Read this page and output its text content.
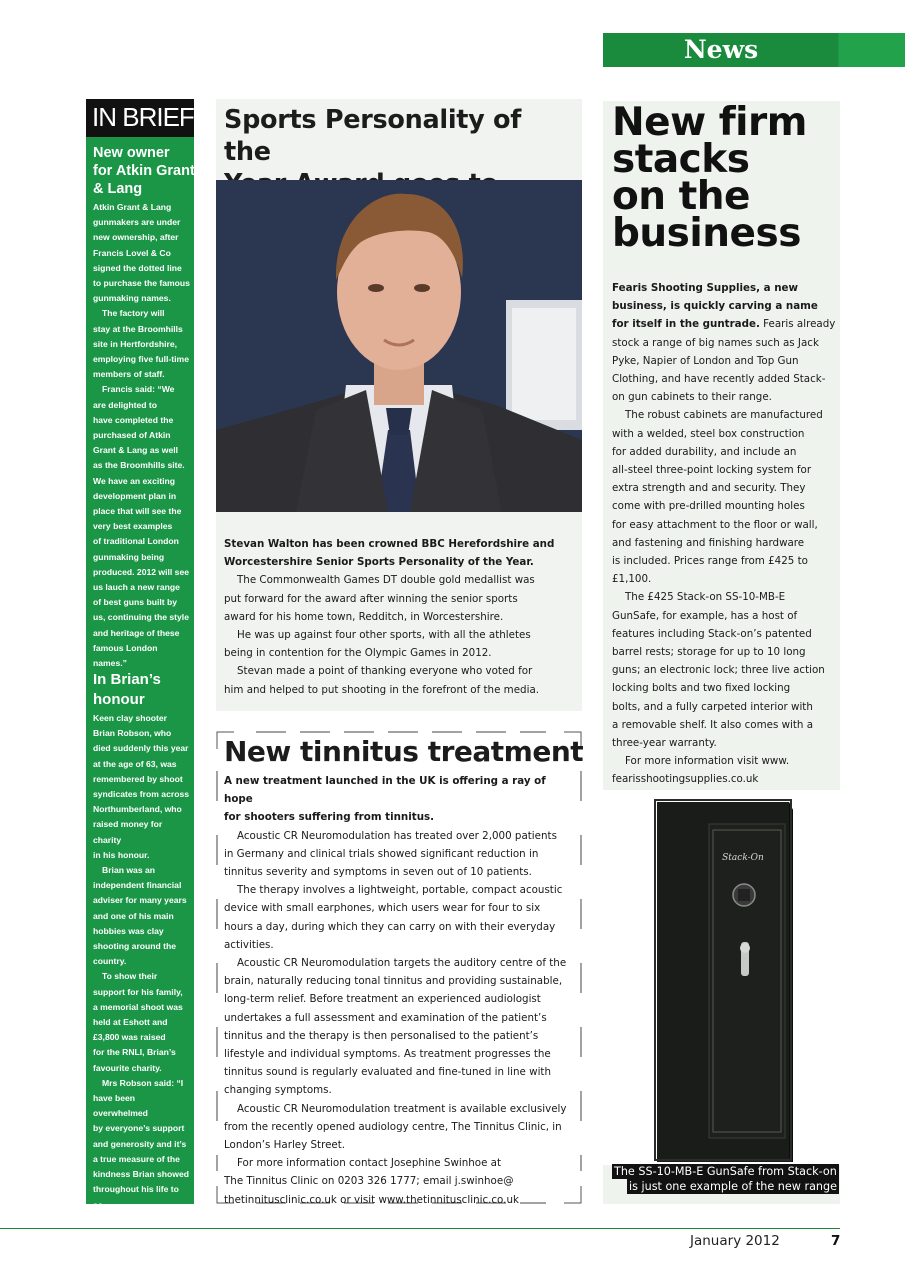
News
IN BRIEF
New owner
for Atkin Grant
& Lang

Atkin Grant & Lang
gunmakers are under
new ownership, after
Francis Lovel & Co
signed the dotted line
to purchase the famous
gunmaking names.

The factory will
stay at the Broomhills
site in Hertfordshire,
employing five full-time
members of staff.

Francis said: “We
are delighted to
have completed the
purchased of Atkin
Grant & Lang as well
as the Broomhills site.
We have an exciting
development plan in
place that will see the
very best examples
of traditional London
gunmaking being
produced. 2012 will see
us lauch a new range
of best guns built by
us, continuing the style
and heritage of these
famous London names.”

In Brian’s
honour

Keen clay shooter
Brian Robson, who
died suddenly this year
at the age of 63, was
remembered by shoot
syndicates from across
Northumberland, who
raised money for charity
in his honour.

Brian was an
independent financial
adviser for many years
and one of his main
hobbies was clay
shooting around the
country.

To show their
support for his family,
a memorial shoot was
held at Eshott and
£3,800 was raised
for the RNLI, Brian’s
favourite charity.

Mrs Robson said: “I
have been overwhelmed
by everyone’s support
and generosity and it’s
a true measure of the
kindness Brian showed
throughout his life to so
many others.”

Sports Personality of the

Stevan Walton has been crowned BBC Herefordshire and
Worcestershire Senior Sports Personality of the Year.

The Commonwealth Games DT double gold medallist was
put forward for the award after winning the senior sports
award for his home town, Redditch, in Worcestershire.

He was up against four other sports, with all the athletes
being in contention for the Olympic Games in 2012.

Stevan made a point of thanking everyone who voted for
him and helped to put shooting in the forefront of the media.

New tinnitus treatment

A new treatment launched in the UK is offering a ray of hope
for shooters suffering from tinnitus.

Acoustic CR Neuromodulation has treated over 2,000 patients
in Germany and clinical trials showed significant reduction in
tinnitus severity and symptoms in seven out of 10 patients.

The therapy involves a lightweight, portable, compact acoustic
device with small earphones, which users wear for four to six
hours a day, during which they can carry on with their everyday
activities.

Acoustic CR Neuromodulation targets the auditory centre of the
brain, naturally reducing tonal tinnitus and providing sustainable,
long-term relief. Before treatment an experienced audiologist
undertakes a full assessment and examination of the patient’s
tinnitus and the therapy is then personalised to the patient’s
lifestyle and individual symptoms. As treatment progresses the
tinnitus sound is regularly evaluated and fine-tuned in line with
changing symptoms.

Acoustic CR Neuromodulation treatment is available exclusively
from the recently opened audiology centre, The Tinnitus Clinic, in
London’s Harley Street.

For more information contact Josephine Swinhoe at
The Tinnitus Clinic on 0203 326 1777; email j.swinhoe@
thetinnitusclinic.co.uk or visit www.thetinnitusclinic.co.uk

New firm
stacks
on the
business

Fearis Shooting Supplies, a new
business, is quickly carving a name
for itself in the guntrade. Fearis already
stock a range of big names such as Jack
Pyke, Napier of London and Top Gun
Clothing, and have recently added Stack-
on gun cabinets to their range.

The robust cabinets are manufactured
with a welded, steel box construction
for added durability, and include an
all-steel three-point locking system for
extra strength and and security. They
come with pre-drilled mounting holes
for easy attachment to the floor or wall,
and fastening and finishing hardware
is included. Prices range from £425 to
£1,100.

The £425 Stack-on SS-10-MB-E
GunSafe, for example, has a host of
features including Stack-on’s patented
barrel rests; storage for up to 10 long
guns; an electronic lock; three live action
locking bolts and two fixed locking
bolts, and a fully carpeted interior with
a removable shelf. It also comes with a
three-year warranty.

For more information visit www.
fearisshootingsupplies.co.uk

Stack-On
The SS-10-MB-E GunSafe from Stack-on
is just one example of the new range
January 2012	7
